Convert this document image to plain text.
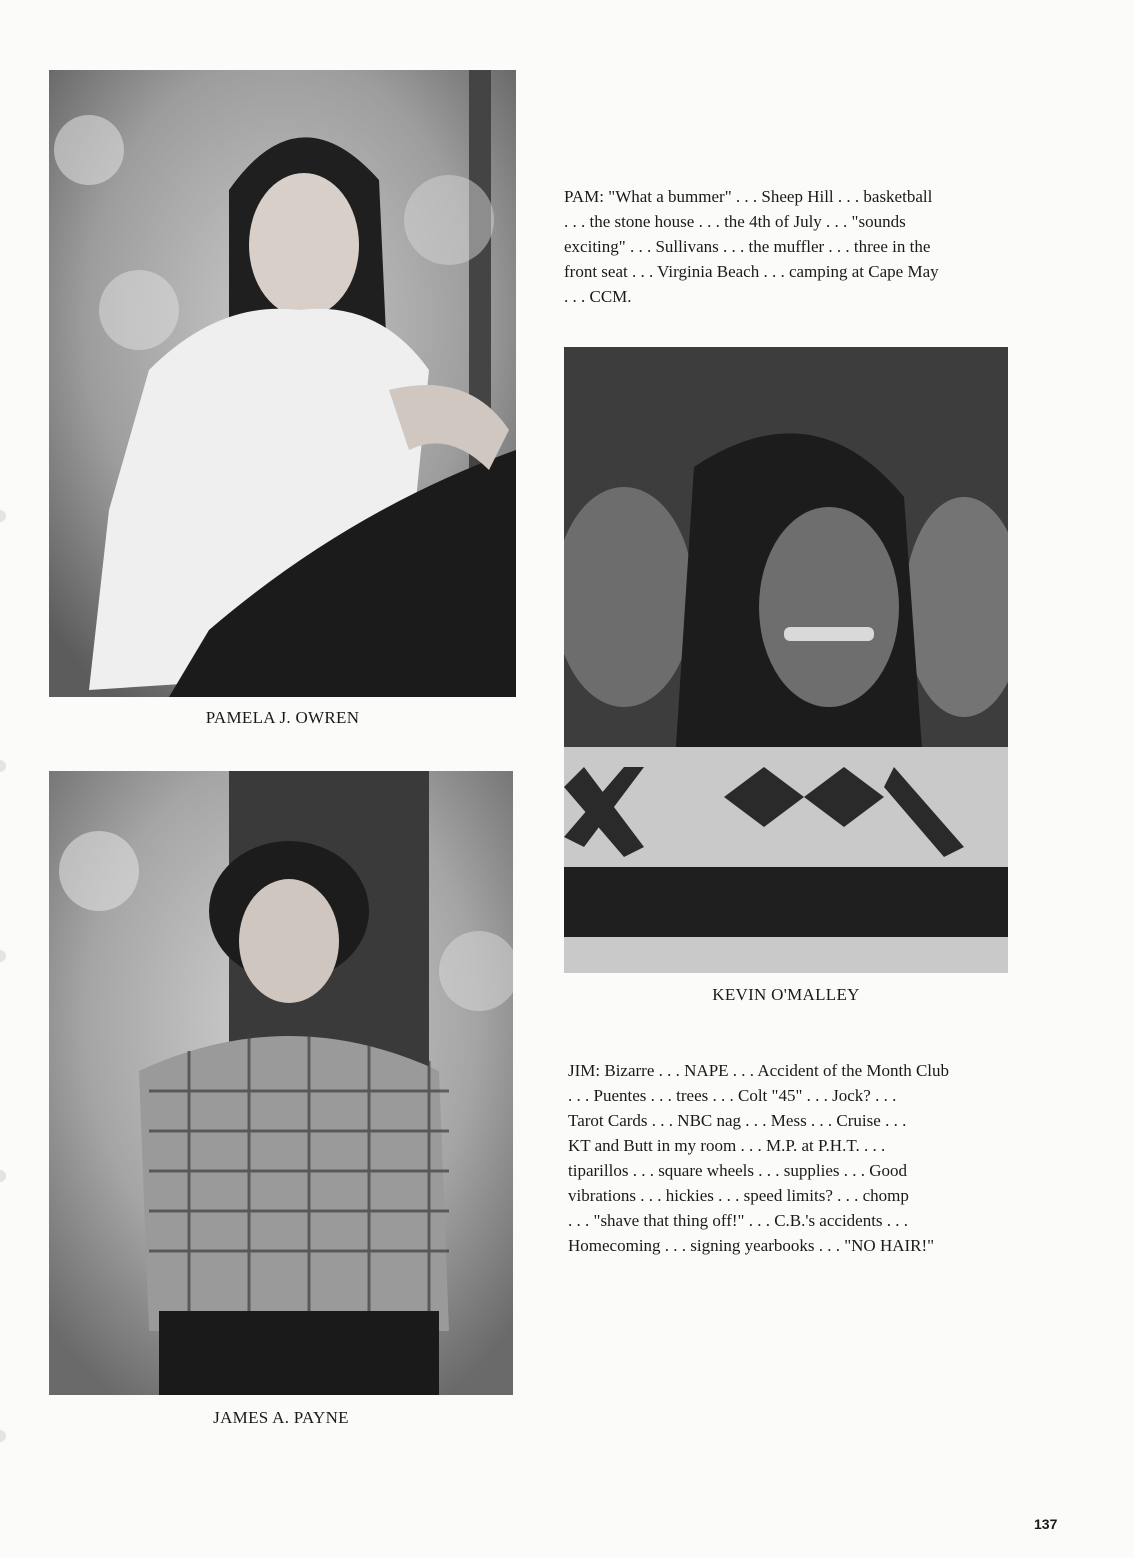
PAMELA J. OWREN

PAM: "What a bummer" . . . Sheep Hill . . . basketball
. . . the stone house . . . the 4th of July . . . "sounds
exciting" . . . Sullivans . . . the muffler . . . three in the
front seat . . . Virginia Beach . . . camping at Cape May
. . . CCM.

KEVIN O'MALLEY
JAMES A. PAYNE

JIM: Bizarre . . . NAPE . . . Accident of the Month Club
. . . Puentes . . . trees . . . Colt "45" . . . Jock? . . .
Tarot Cards . . . NBC nag . . . Mess . . . Cruise . . .
KT and Butt in my room . . . M.P. at P.H.T. . . .
tiparillos . . . square wheels . . . supplies . . . Good
vibrations . . . hickies . . . speed limits? . . . chomp
. . . "shave that thing off!" . . . C.B.'s accidents . . .
Homecoming . . . signing yearbooks . . . "NO HAIR!"

137
